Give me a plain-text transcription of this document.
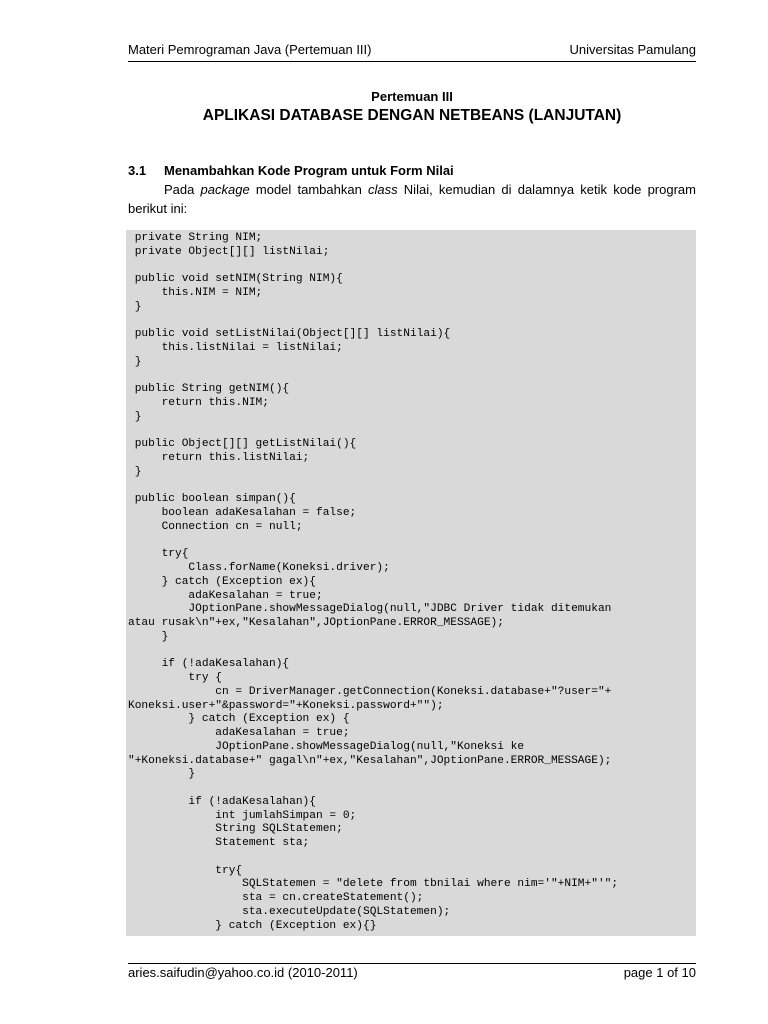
Materi Pemrograman Java (Pertemuan III)	Universitas Pamulang
Pertemuan III
APLIKASI DATABASE DENGAN NETBEANS (LANJUTAN)
3.1 Menambahkan Kode Program untuk Form Nilai
Pada package model tambahkan class Nilai, kemudian di dalamnya ketik kode program berikut ini:
private String NIM;
private Object[][] listNilai;

public void setNIM(String NIM){
this.NIM = NIM;
}

public void setListNilai(Object[][] listNilai){
this.listNilai = listNilai;
}

public String getNIM(){
return this.NIM;
}

public Object[][] getListNilai(){
return this.listNilai;
}

public boolean simpan(){
boolean adaKesalahan = false;
Connection cn = null;

try{
Class.forName(Koneksi.driver);
} catch (Exception ex){
adaKesalahan = true;
JOptionPane.showMessageDialog(null,"JDBC Driver tidak ditemukan
atau rusak\n"+ex,"Kesalahan",JOptionPane.ERROR_MESSAGE);
}

if (!adaKesalahan){
try {
cn = DriverManager.getConnection(Koneksi.database+"?user="+
Koneksi.user+"&password="+Koneksi.password+"");
} catch (Exception ex) {
adaKesalahan = true;
JOptionPane.showMessageDialog(null,"Koneksi ke
"+Koneksi.database+" gagal\n"+ex,"Kesalahan",JOptionPane.ERROR_MESSAGE);
}

if (!adaKesalahan){
int jumlahSimpan = 0;
String SQLStatemen;
Statement sta;

try{
SQLStatemen = "delete from tbnilai where nim='"+NIM+"'";
sta = cn.createStatement();
sta.executeUpdate(SQLStatemen);
} catch (Exception ex){}
aries.saifudin@yahoo.co.id (2010-2011)	page 1 of 10
